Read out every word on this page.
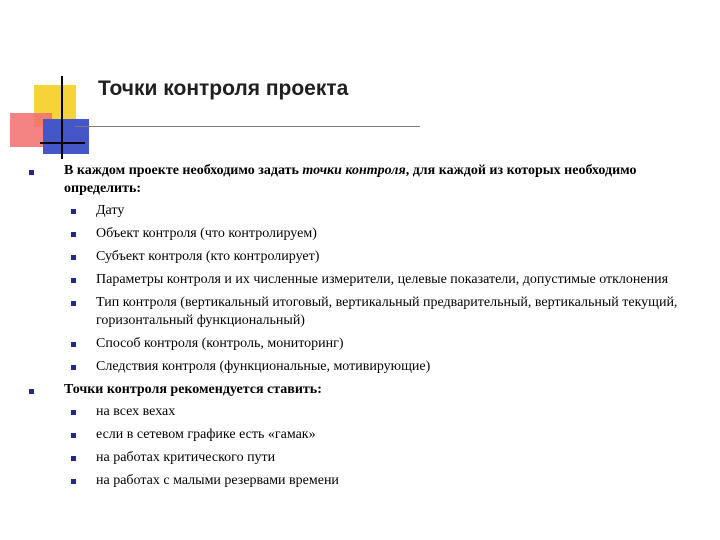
Точки контроля проекта
В каждом проекте необходимо задать точки контроля, для каждой из которых необходимо определить:
Дату
Объект контроля (что контролируем)
Субъект контроля (кто контролирует)
Параметры контроля и их численные измерители, целевые показатели, допустимые отклонения
Тип контроля (вертикальный итоговый, вертикальный предварительный, вертикальный текущий, горизонтальный функциональный)
Способ контроля (контроль, мониторинг)
Следствия контроля (функциональные, мотивирующие)
Точки контроля рекомендуется ставить:
на всех вехах
если в сетевом графике есть «гамак»
на работах критического пути
на работах с малыми резервами времени
